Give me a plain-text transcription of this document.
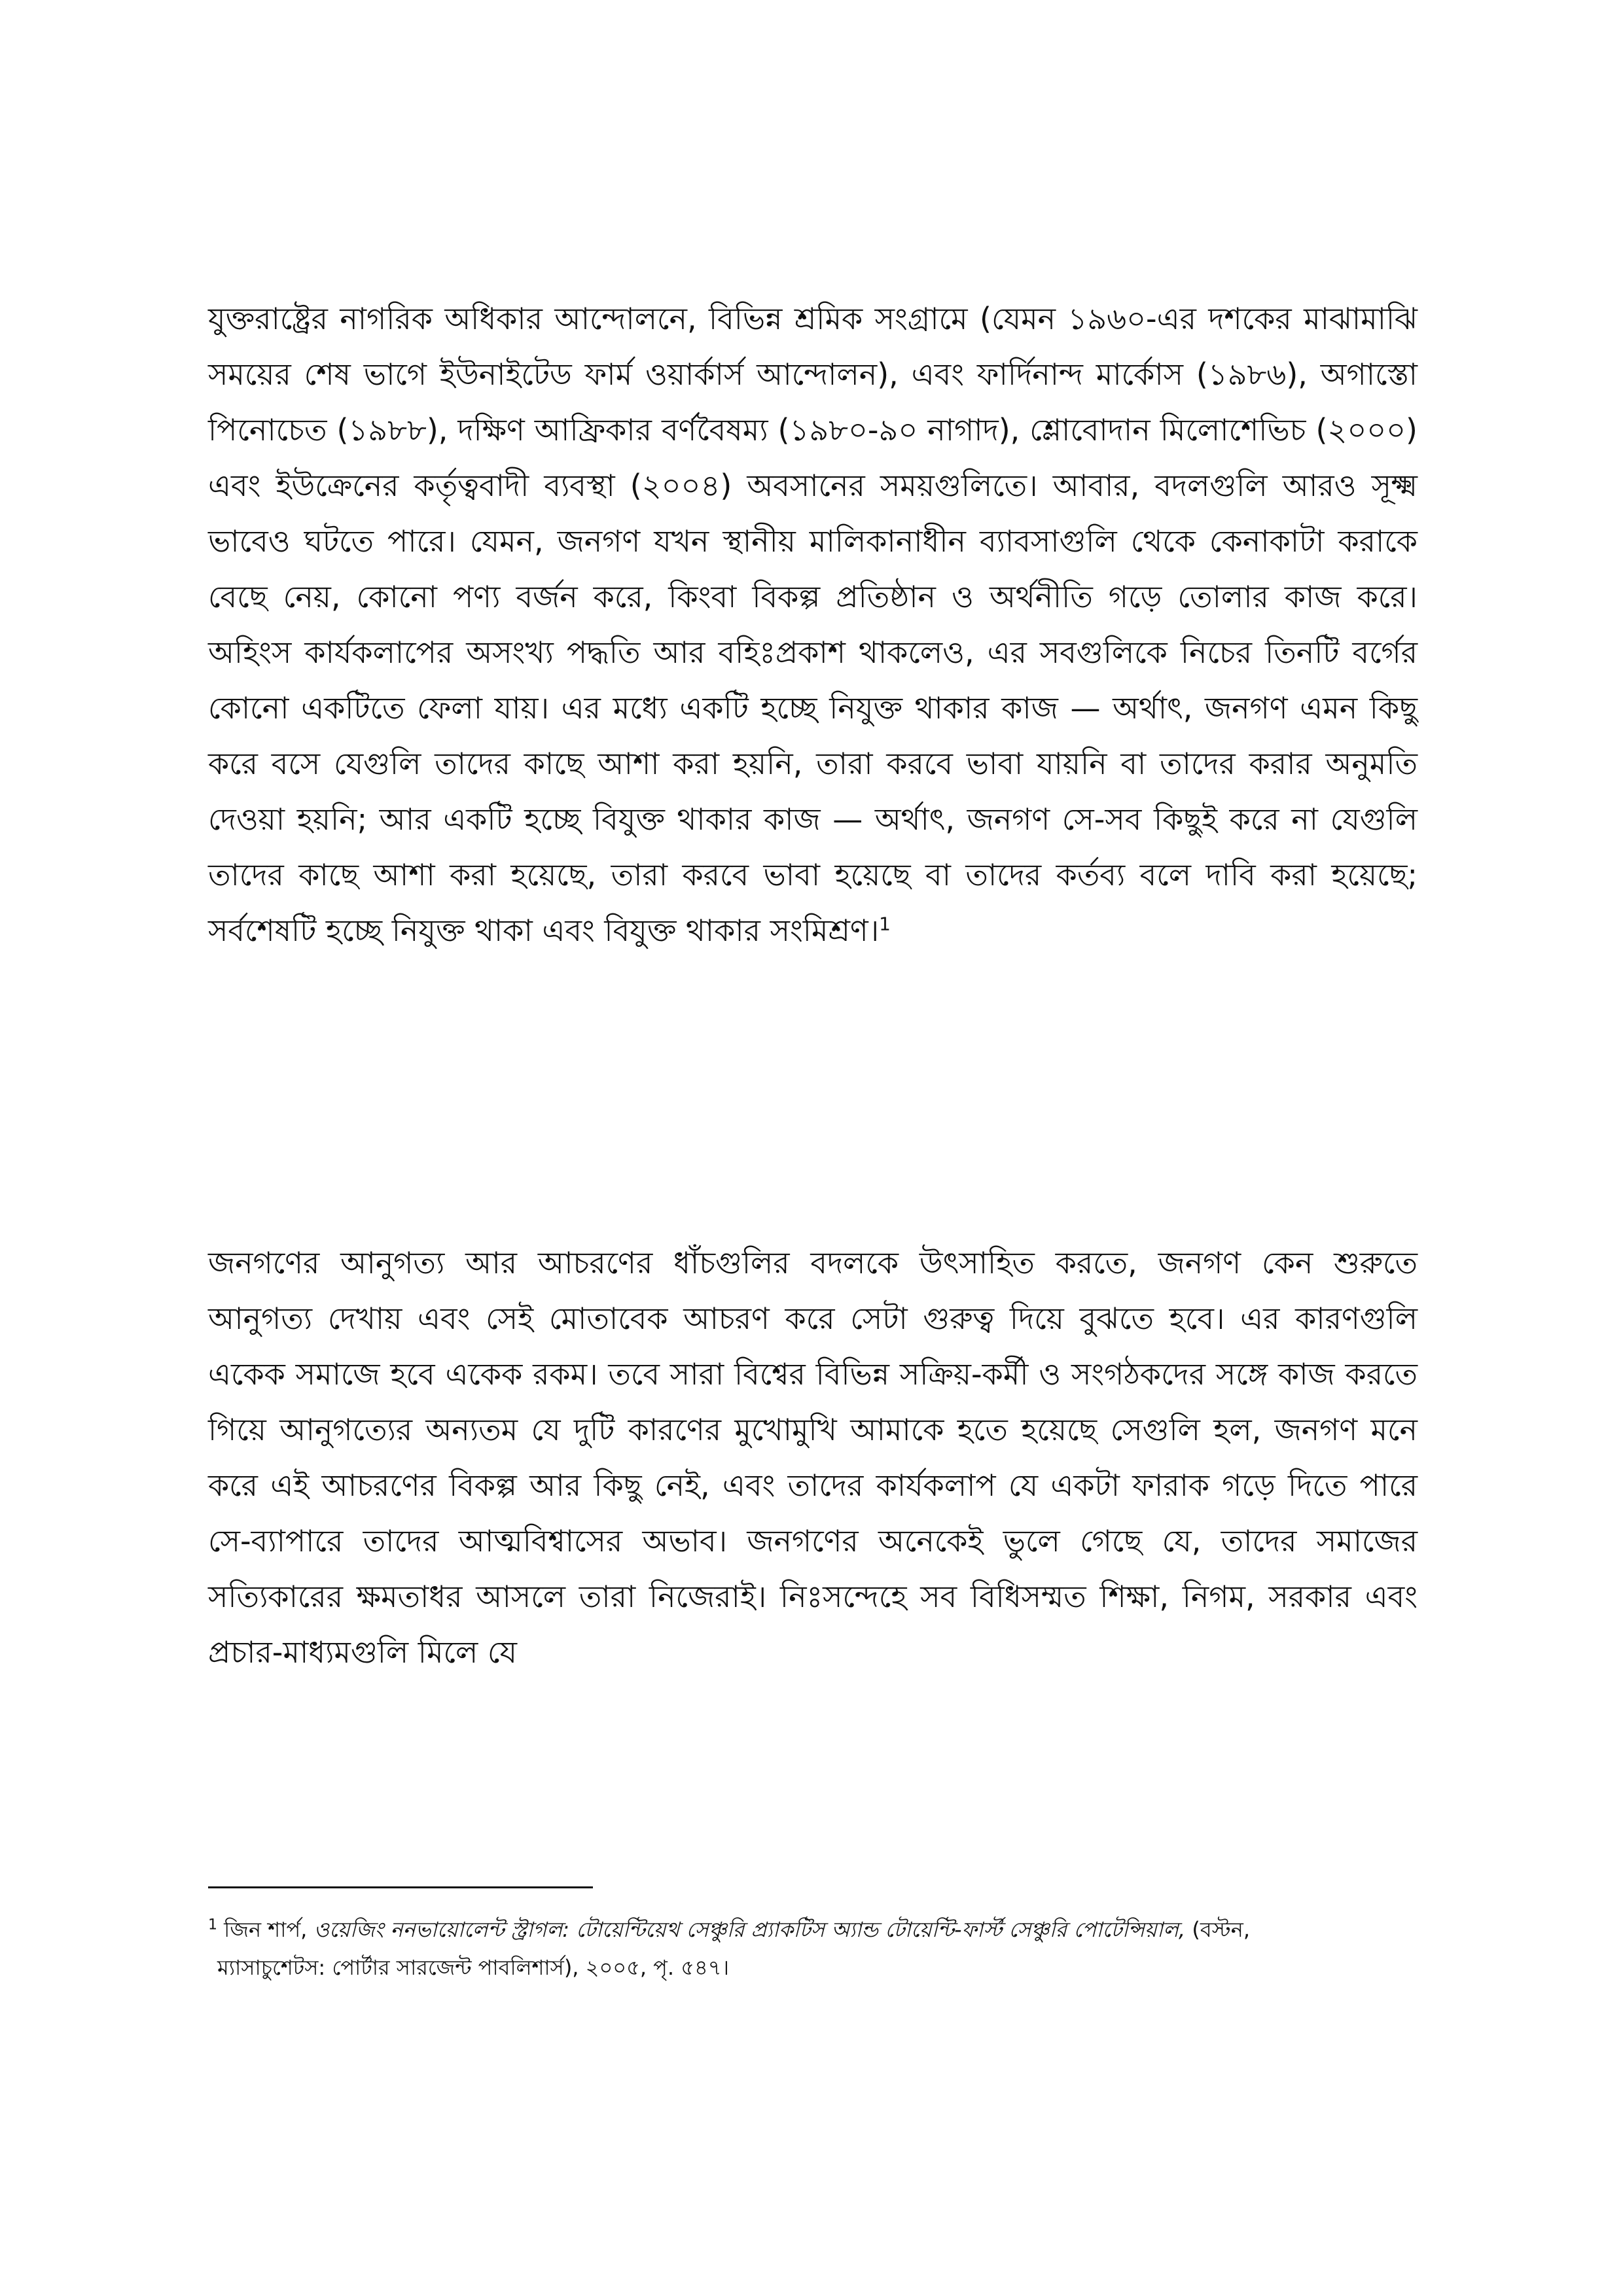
যুক্তরাষ্ট্রের নাগরিক অধিকার আন্দোলনে, বিভিন্ন শ্রমিক সংগ্রামে (যেমন ১৯৬০-এর দশকের মাঝামাঝি সময়ের শেষ ভাগে ইউনাইটেড ফার্ম ওয়ার্কার্স আন্দোলন), এবং ফার্দিনান্দ মার্কোস (১৯৮৬), অগাস্তো পিনোচেত (১৯৮৮), দক্ষিণ আফ্রিকার বর্ণবৈষম্য (১৯৮০-৯০ নাগাদ), শ্লোবোদান মিলোশেভিচ (২০০০) এবং ইউক্রেনের কর্তৃত্ববাদী ব্যবস্থা (২০০৪) অবসানের সময়গুলিতে। আবার, বদলগুলি আরও সূক্ষ্ম ভাবেও ঘটতে পারে। যেমন, জনগণ যখন স্থানীয় মালিকানাধীন ব্যাবসাগুলি থেকে কেনাকাটা করাকে বেছে নেয়, কোনো পণ্য বর্জন করে, কিংবা বিকল্প প্রতিষ্ঠান ও অর্থনীতি গড়ে তোলার কাজ করে। অহিংস কার্যকলাপের অসংখ্য পদ্ধতি আর বহিঃপ্রকাশ থাকলেও, এর সবগুলিকে নিচের তিনটি বর্গের কোনো একটিতে ফেলা যায়। এর মধ্যে একটি হচ্ছে নিযুক্ত থাকার কাজ — অর্থাৎ, জনগণ এমন কিছু করে বসে যেগুলি তাদের কাছে আশা করা হয়নি, তারা করবে ভাবা যায়নি বা তাদের করার অনুমতি দেওয়া হয়নি; আর একটি হচ্ছে বিযুক্ত থাকার কাজ — অর্থাৎ, জনগণ সে-সব কিছুই করে না যেগুলি তাদের কাছে আশা করা হয়েছে, তারা করবে ভাবা হয়েছে বা তাদের কর্তব্য বলে দাবি করা হয়েছে; সর্বশেষটি হচ্ছে নিযুক্ত থাকা এবং বিযুক্ত থাকার সংমিশ্রণ।$^1$

জনগণের আনুগত্য আর আচরণের ধাঁচগুলির বদলকে উৎসাহিত করতে, জনগণ কেন শুরুতে আনুগত্য দেখায় এবং সেই মোতাবেক আচরণ করে সেটা গুরুত্ব দিয়ে বুঝতে হবে। এর কারণগুলি একেক সমাজে হবে একেক রকম। তবে সারা বিশ্বের বিভিন্ন সক্রিয়-কর্মী ও সংগঠকদের সঙ্গে কাজ করতে গিয়ে আনুগত্যের অন্যতম যে দুটি কারণের মুখোমুখি আমাকে হতে হয়েছে সেগুলি হল, জনগণ মনে করে এই আচরণের বিকল্প আর কিছু নেই, এবং তাদের কার্যকলাপ যে একটা ফারাক গড়ে দিতে পারে সে-ব্যাপারে তাদের আত্মবিশ্বাসের অভাব। জনগণের অনেকেই ভুলে গেছে যে, তাদের সমাজের সত্যিকারের ক্ষমতাধর আসলে তারা নিজেরাই। নিঃসন্দেহে সব বিধিসম্মত শিক্ষা, নিগম, সরকার এবং প্রচার-মাধ্যমগুলি মিলে যে

$^1$ জিন শার্প, ওয়েজিং ননভায়োলেন্ট স্ট্রাগল: টোয়েন্টিয়েথ সেঞ্চুরি প্র্যাকটিস অ্যান্ড টোয়েন্টি-ফার্স্ট সেঞ্চুরি পোটেন্সিয়াল, (বস্টন,
ম্যাসাচুশেটস: পোর্টার সারজেন্ট পাবলিশার্স), ২০০৫, পৃ. ৫৪৭।
